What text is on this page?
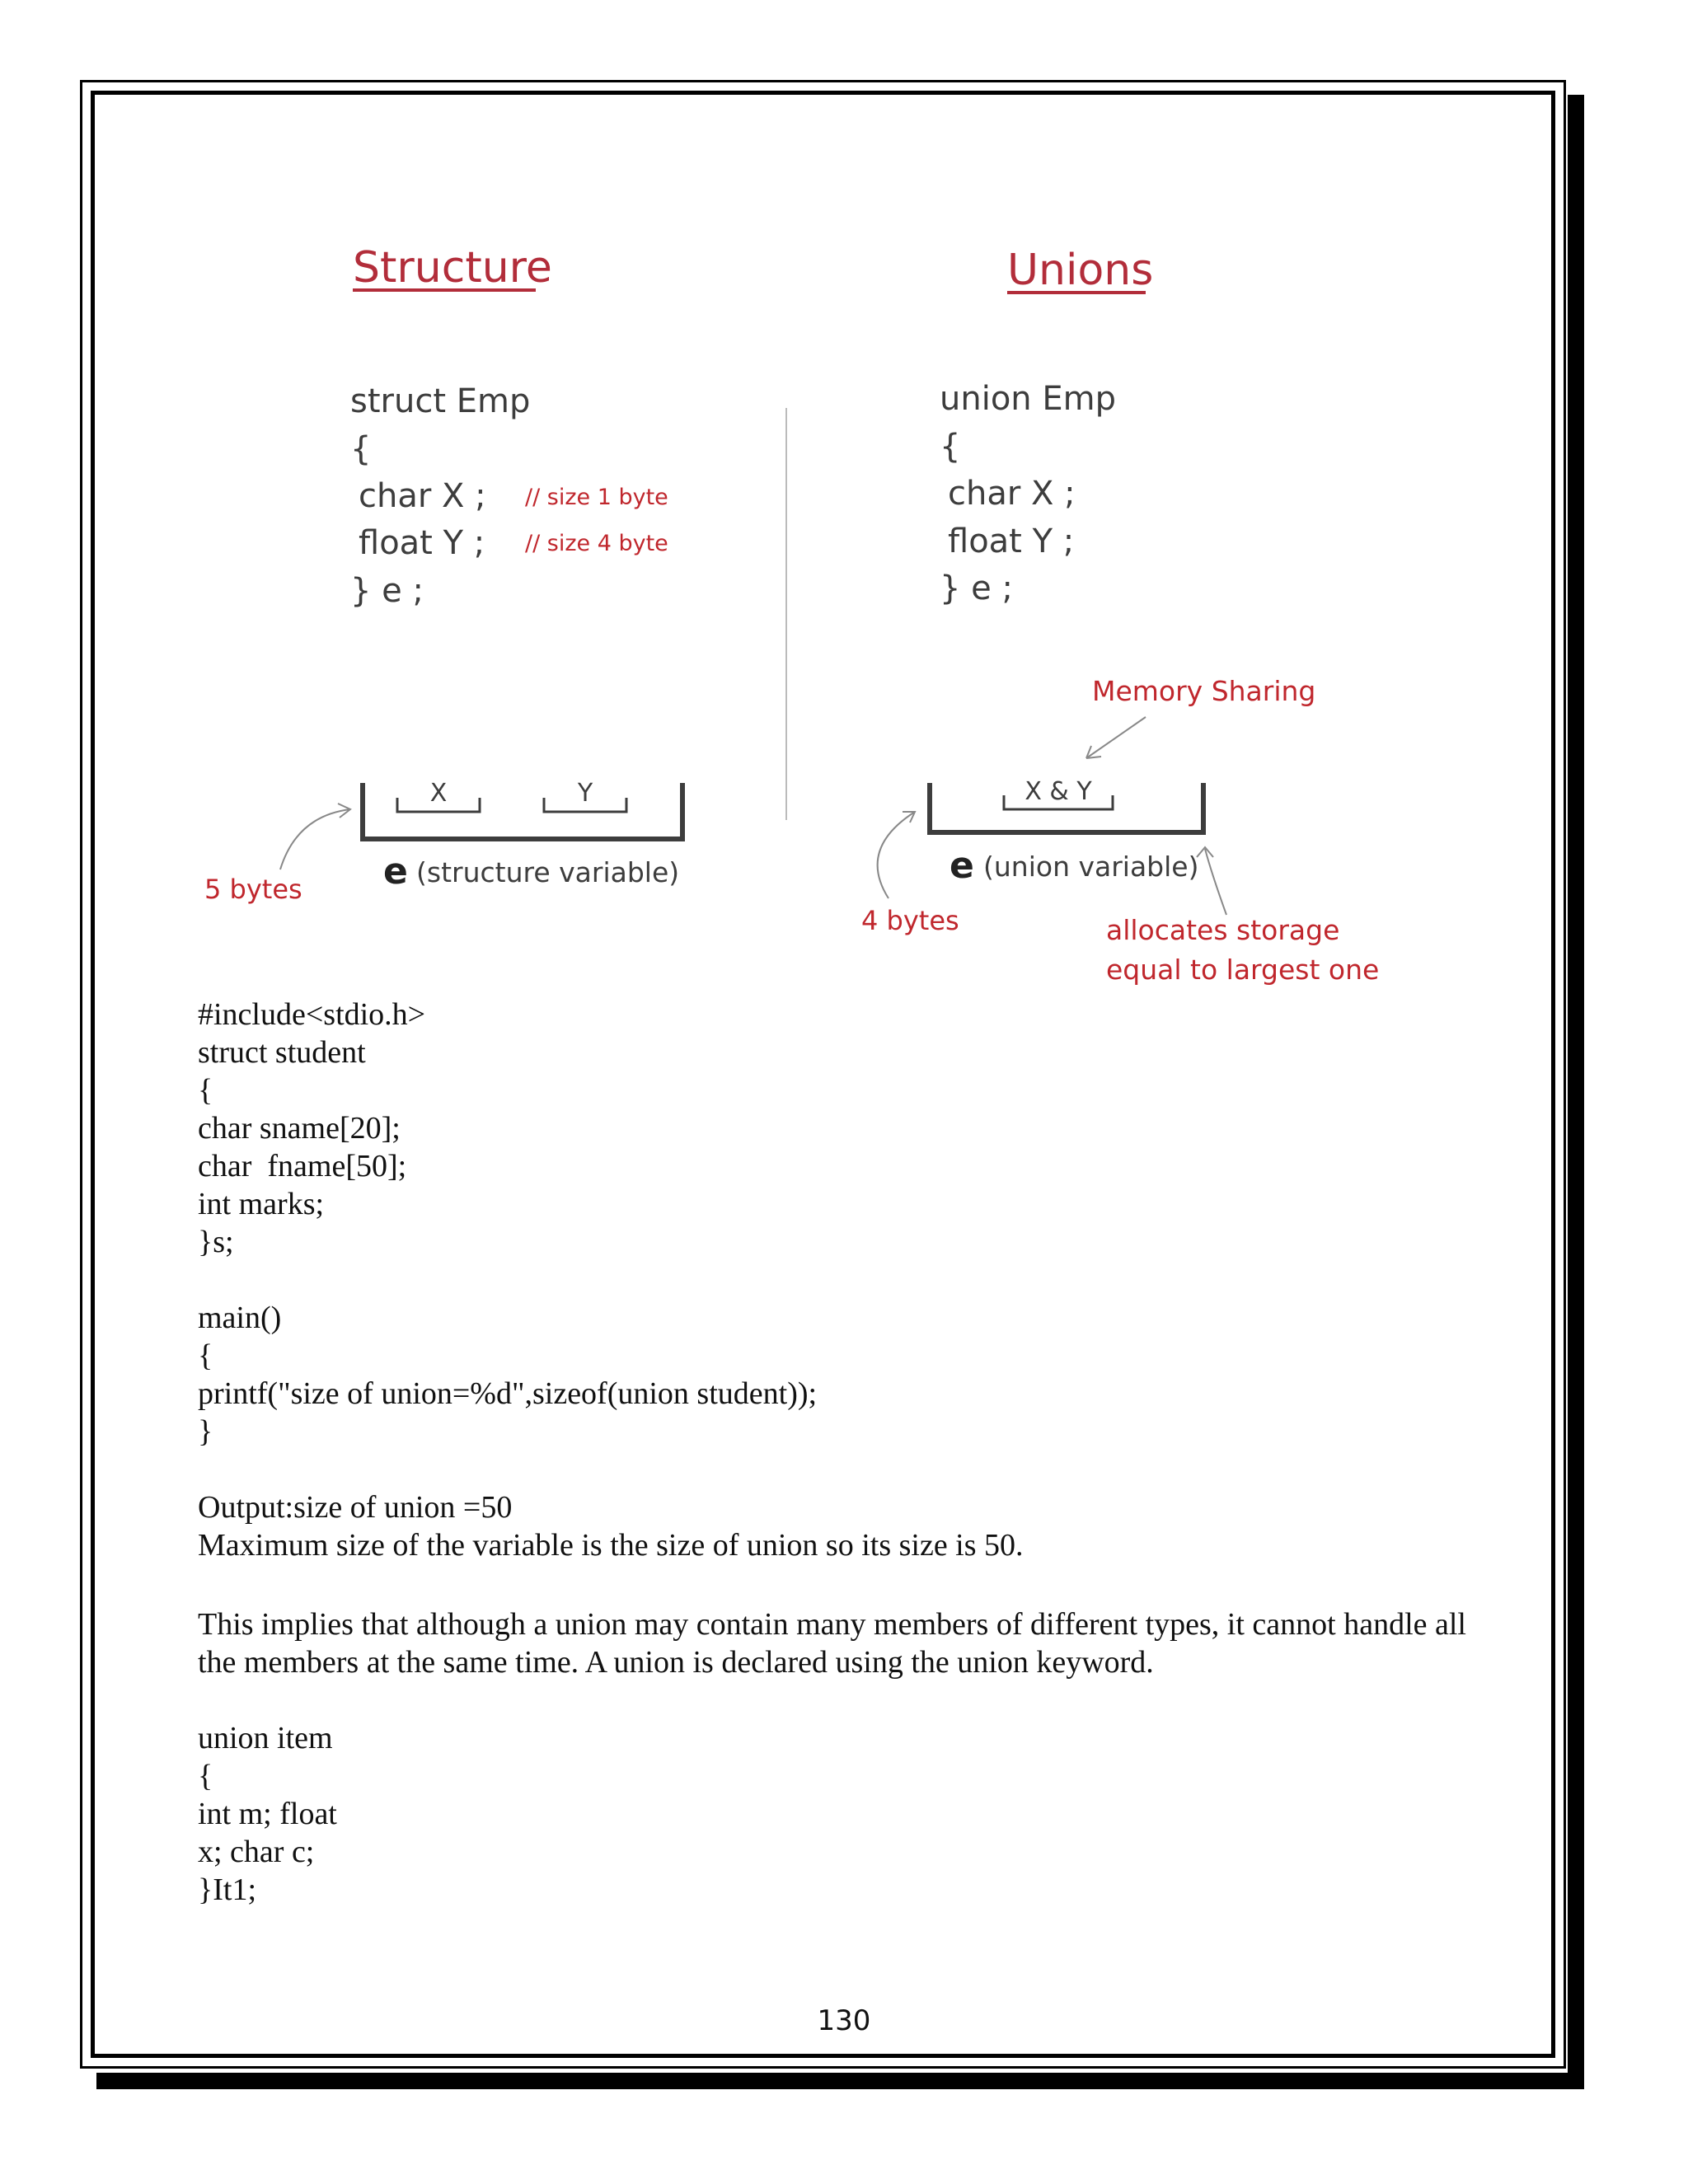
Structure	Unions
struct Emp
{
char X ;
float Y ;
} e ;
// size 1 byte
// size 4 byte
union Emp
{
char X ;
float Y ;
} e ;
X	Y
e (structure variable)
5 bytes
X & Y
Memory Sharing
e (union variable)
4 bytes	allocates storage
equal to largest one
#include<stdio.h>
struct student
{
char sname[20];
char  fname[50];
int marks;
}s;
main()
{
printf("size of union=%d",sizeof(union student));
}
Output:size of union =50
Maximum size of the variable is the size of union so its size is 50.
This implies that although a union may contain many members of different types, it cannot handle all the members at the same time. A union is declared using the union keyword.
union item
{
int m; float
x; char c;
}It1;
130
